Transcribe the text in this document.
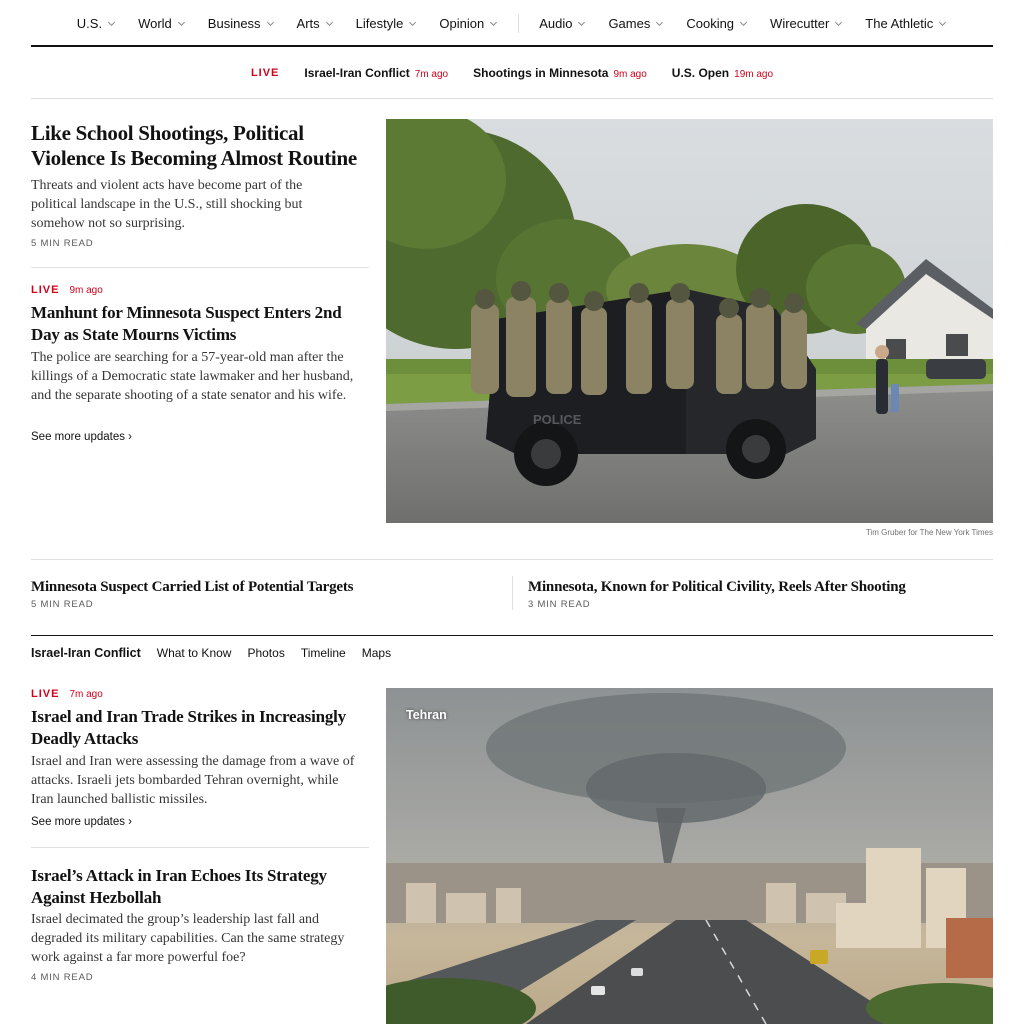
U.S.	World	Business	Arts	Lifestyle	Opinion	Audio	Games	Cooking	Wirecutter	The Athletic
LIVE Israel-Iran Conflict 7m ago Shootings in Minnesota 9m ago U.S. Open 19m ago
Like School Shootings, Political Violence Is Becoming Almost Routine
Threats and violent acts have become part of the political landscape in the U.S., still shocking but somehow not so surprising.
5 MIN READ
LIVE 9m ago
Manhunt for Minnesota Suspect Enters 2nd Day as State Mourns Victims
The police are searching for a 57-year-old man after the killings of a Democratic state lawmaker and her husband, and the separate shooting of a state senator and his wife.
See more updates ›
POLICE
Tim Gruber for The New York Times
Minnesota Suspect Carried List of Potential Targets
5 MIN READ
Minnesota, Known for Political Civility, Reels After Shooting
3 MIN READ
Israel-Iran Conflict What to Know Photos Timeline Maps
LIVE 7m ago
Israel and Iran Trade Strikes in Increasingly Deadly Attacks
Israel and Iran were assessing the damage from a wave of attacks. Israeli jets bombarded Tehran overnight, while Iran launched ballistic missiles.
See more updates ›
Israel’s Attack in Iran Echoes Its Strategy Against Hezbollah
Israel decimated the group’s leadership last fall and degraded its military capabilities. Can the same strategy work against a far more powerful foe?
4 MIN READ
Tehran
